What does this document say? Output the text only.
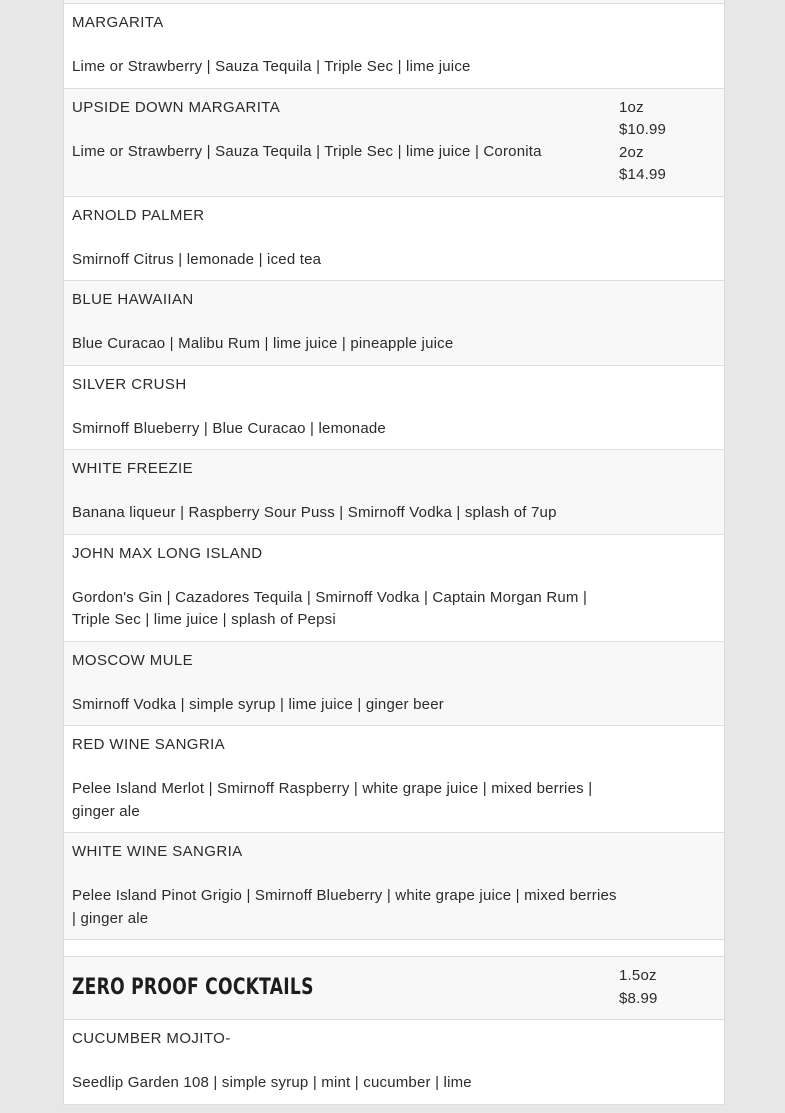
MARGARITA

Lime or Strawberry | Sauza Tequila | Triple Sec | lime juice

UPSIDE DOWN MARGARITA

Lime or Strawberry | Sauza Tequila | Triple Sec | lime juice | Coronita

1oz
$10.99
2oz
$14.99
ARNOLD PALMER

Smirnoff Citrus | lemonade | iced tea

BLUE HAWAIIAN

Blue Curacao | Malibu Rum | lime juice | pineapple juice

SILVER CRUSH

Smirnoff Blueberry | Blue Curacao | lemonade

WHITE FREEZIE

Banana liqueur | Raspberry Sour Puss | Smirnoff Vodka | splash of 7up

JOHN MAX LONG ISLAND

Gordon's Gin | Cazadores Tequila | Smirnoff Vodka | Captain Morgan Rum | Triple Sec | lime juice | splash of Pepsi

MOSCOW MULE

Smirnoff Vodka | simple syrup | lime juice | ginger beer

RED WINE SANGRIA

Pelee Island Merlot | Smirnoff Raspberry | white grape juice | mixed berries | ginger ale

WHITE WINE SANGRIA

Pelee Island Pinot Grigio | Smirnoff Blueberry | white grape juice | mixed berries | ginger ale

ZERO PROOF COCKTAILS	1.5oz
$8.99
CUCUMBER MOJITO-

Seedlip Garden 108 | simple syrup | mint | cucumber | lime
